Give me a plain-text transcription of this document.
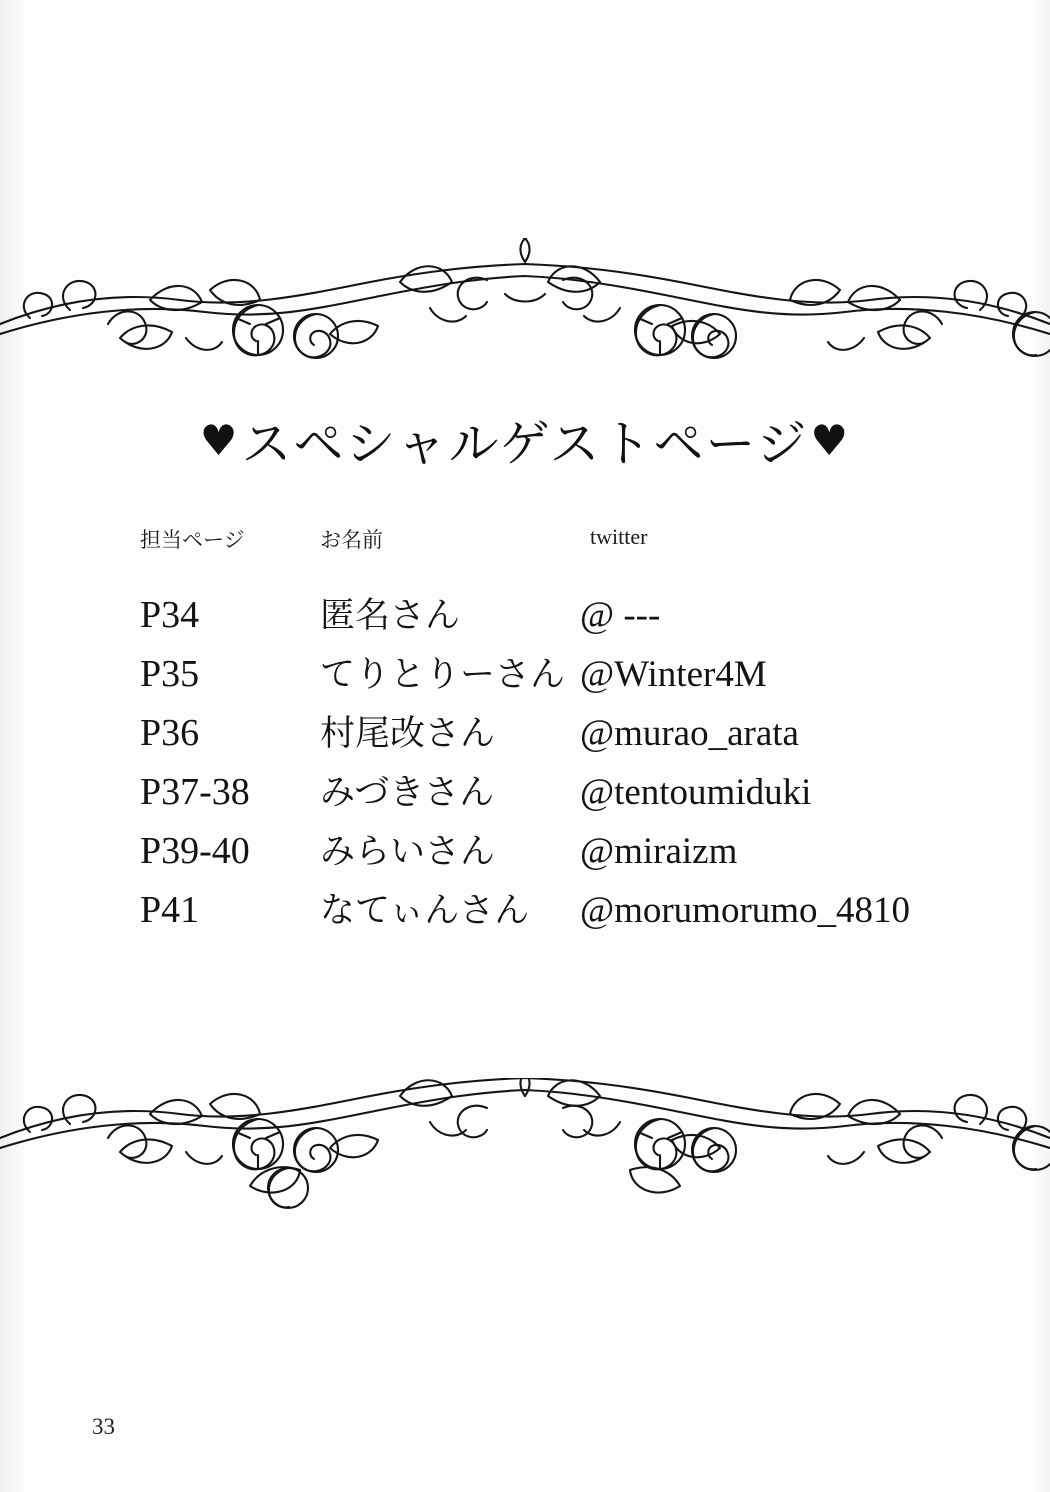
♥スペシャルゲストページ♥
担当ページ	お名前	twitter
P34	匿名さん	@ ---
P35	てりとりーさん @Winter4M
P36	村尾改さん	@murao_arata
P37-38	みづきさん	@tentoumiduki
P39-40	みらいさん	@miraizm
P41	なてぃんさん	@morumorumo_4810
33
